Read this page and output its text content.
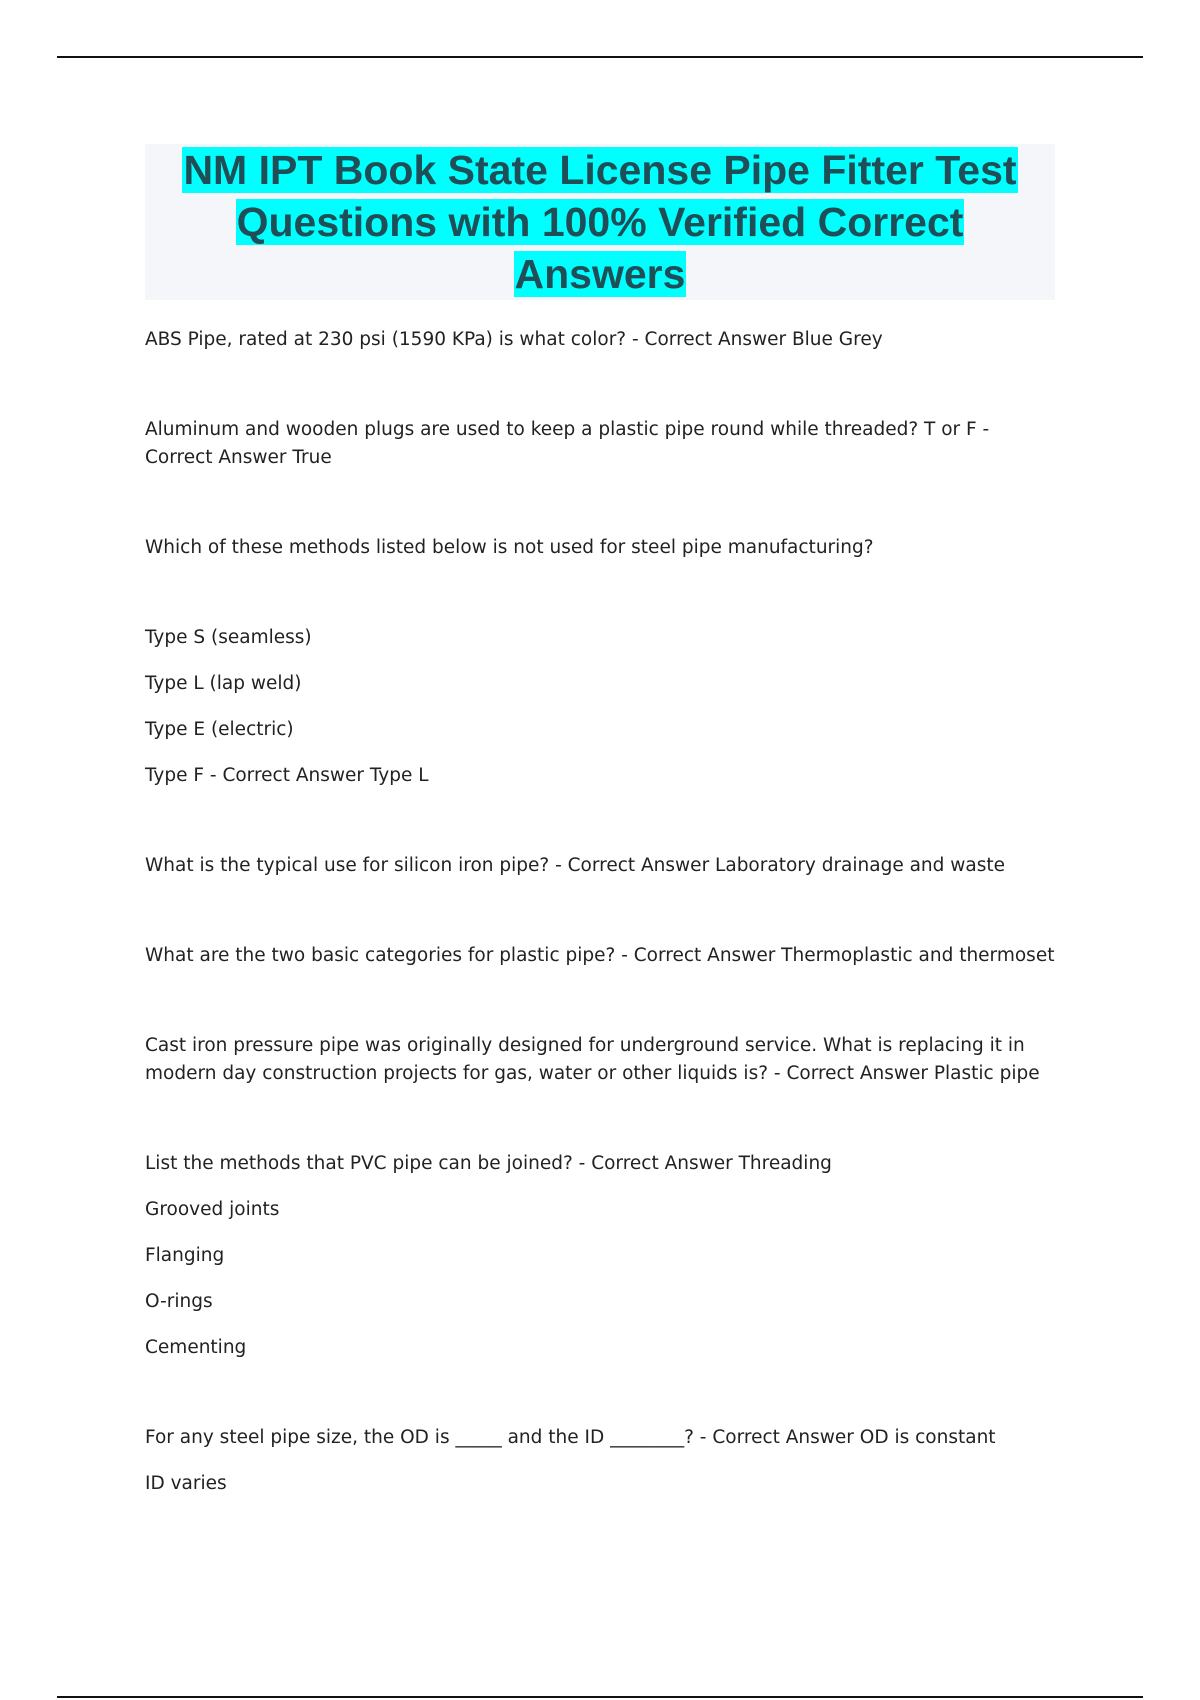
NM IPT Book State License Pipe Fitter Test
Questions with 100% Verified Correct
Answers

ABS Pipe, rated at 230 psi (1590 KPa) is what color? - Correct Answer Blue Grey

Aluminum and wooden plugs are used to keep a plastic pipe round while threaded? T or F - Correct Answer True

Which of these methods listed below is not used for steel pipe manufacturing?

Type S (seamless)

Type L (lap weld)

Type E (electric)

Type F - Correct Answer Type L

What is the typical use for silicon iron pipe? - Correct Answer Laboratory drainage and waste

What are the two basic categories for plastic pipe? - Correct Answer Thermoplastic and thermoset

Cast iron pressure pipe was originally designed for underground service. What is replacing it in modern day construction projects for gas, water or other liquids is? - Correct Answer Plastic pipe

List the methods that PVC pipe can be joined? - Correct Answer Threading

Grooved joints

Flanging

O-rings

Cementing

For any steel pipe size, the OD is _____ and the ID ________? - Correct Answer OD is constant

ID varies
